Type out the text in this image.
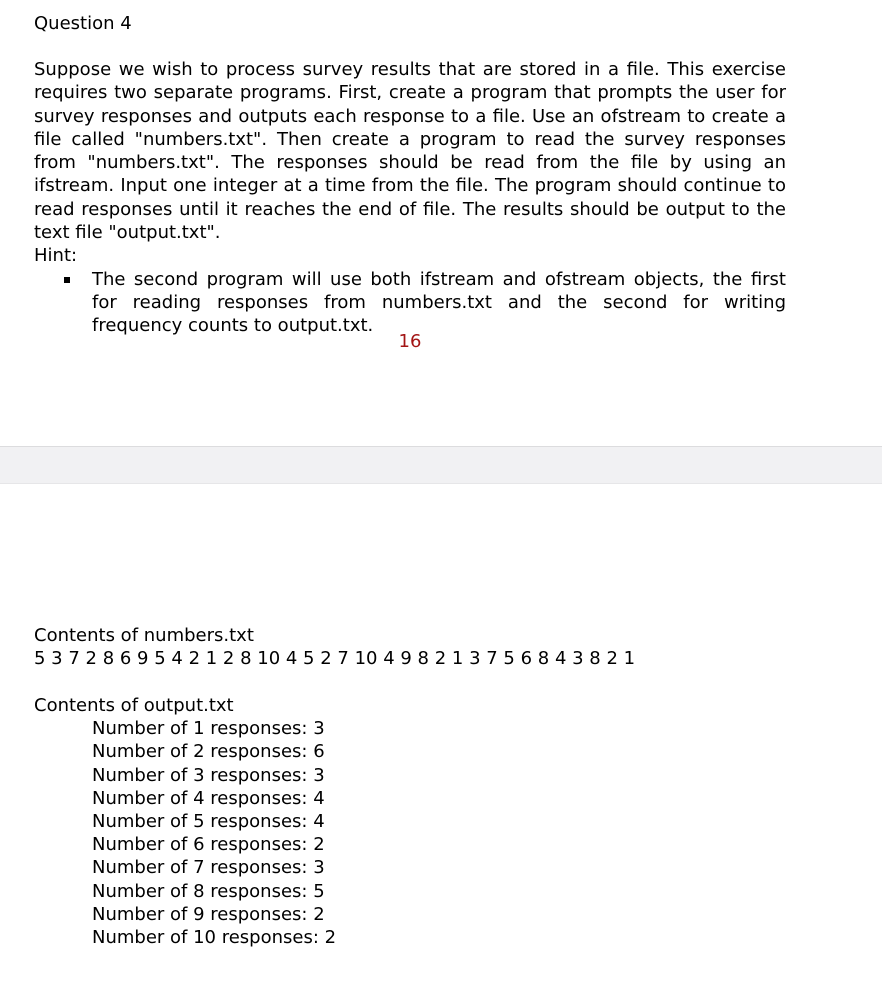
Question 4
Suppose we wish to process survey results that are stored in a file. This exercise requires two separate programs. First, create a program that prompts the user for survey responses and outputs each response to a file. Use an ofstream to create a file called "numbers.txt". Then create a program to read the survey responses from "numbers.txt". The responses should be read from the file by using an ifstream. Input one integer at a time from the file. The program should continue to read responses until it reaches the end of file. The results should be output to the text file "output.txt".
Hint:
The second program will use both ifstream and ofstream objects, the first for reading responses from numbers.txt and the second for writing frequency counts to output.txt.
16
Contents of numbers.txt
5 3 7 2 8 6 9 5 4 2 1 2 8 10 4 5 2 7 10 4 9 8 2 1 3 7 5 6 8 4 3 8 2 1
Contents of output.txt
Number of 1 responses: 3
Number of 2 responses: 6
Number of 3 responses: 3
Number of 4 responses: 4
Number of 5 responses: 4
Number of 6 responses: 2
Number of 7 responses: 3
Number of 8 responses: 5
Number of 9 responses: 2
Number of 10 responses: 2
